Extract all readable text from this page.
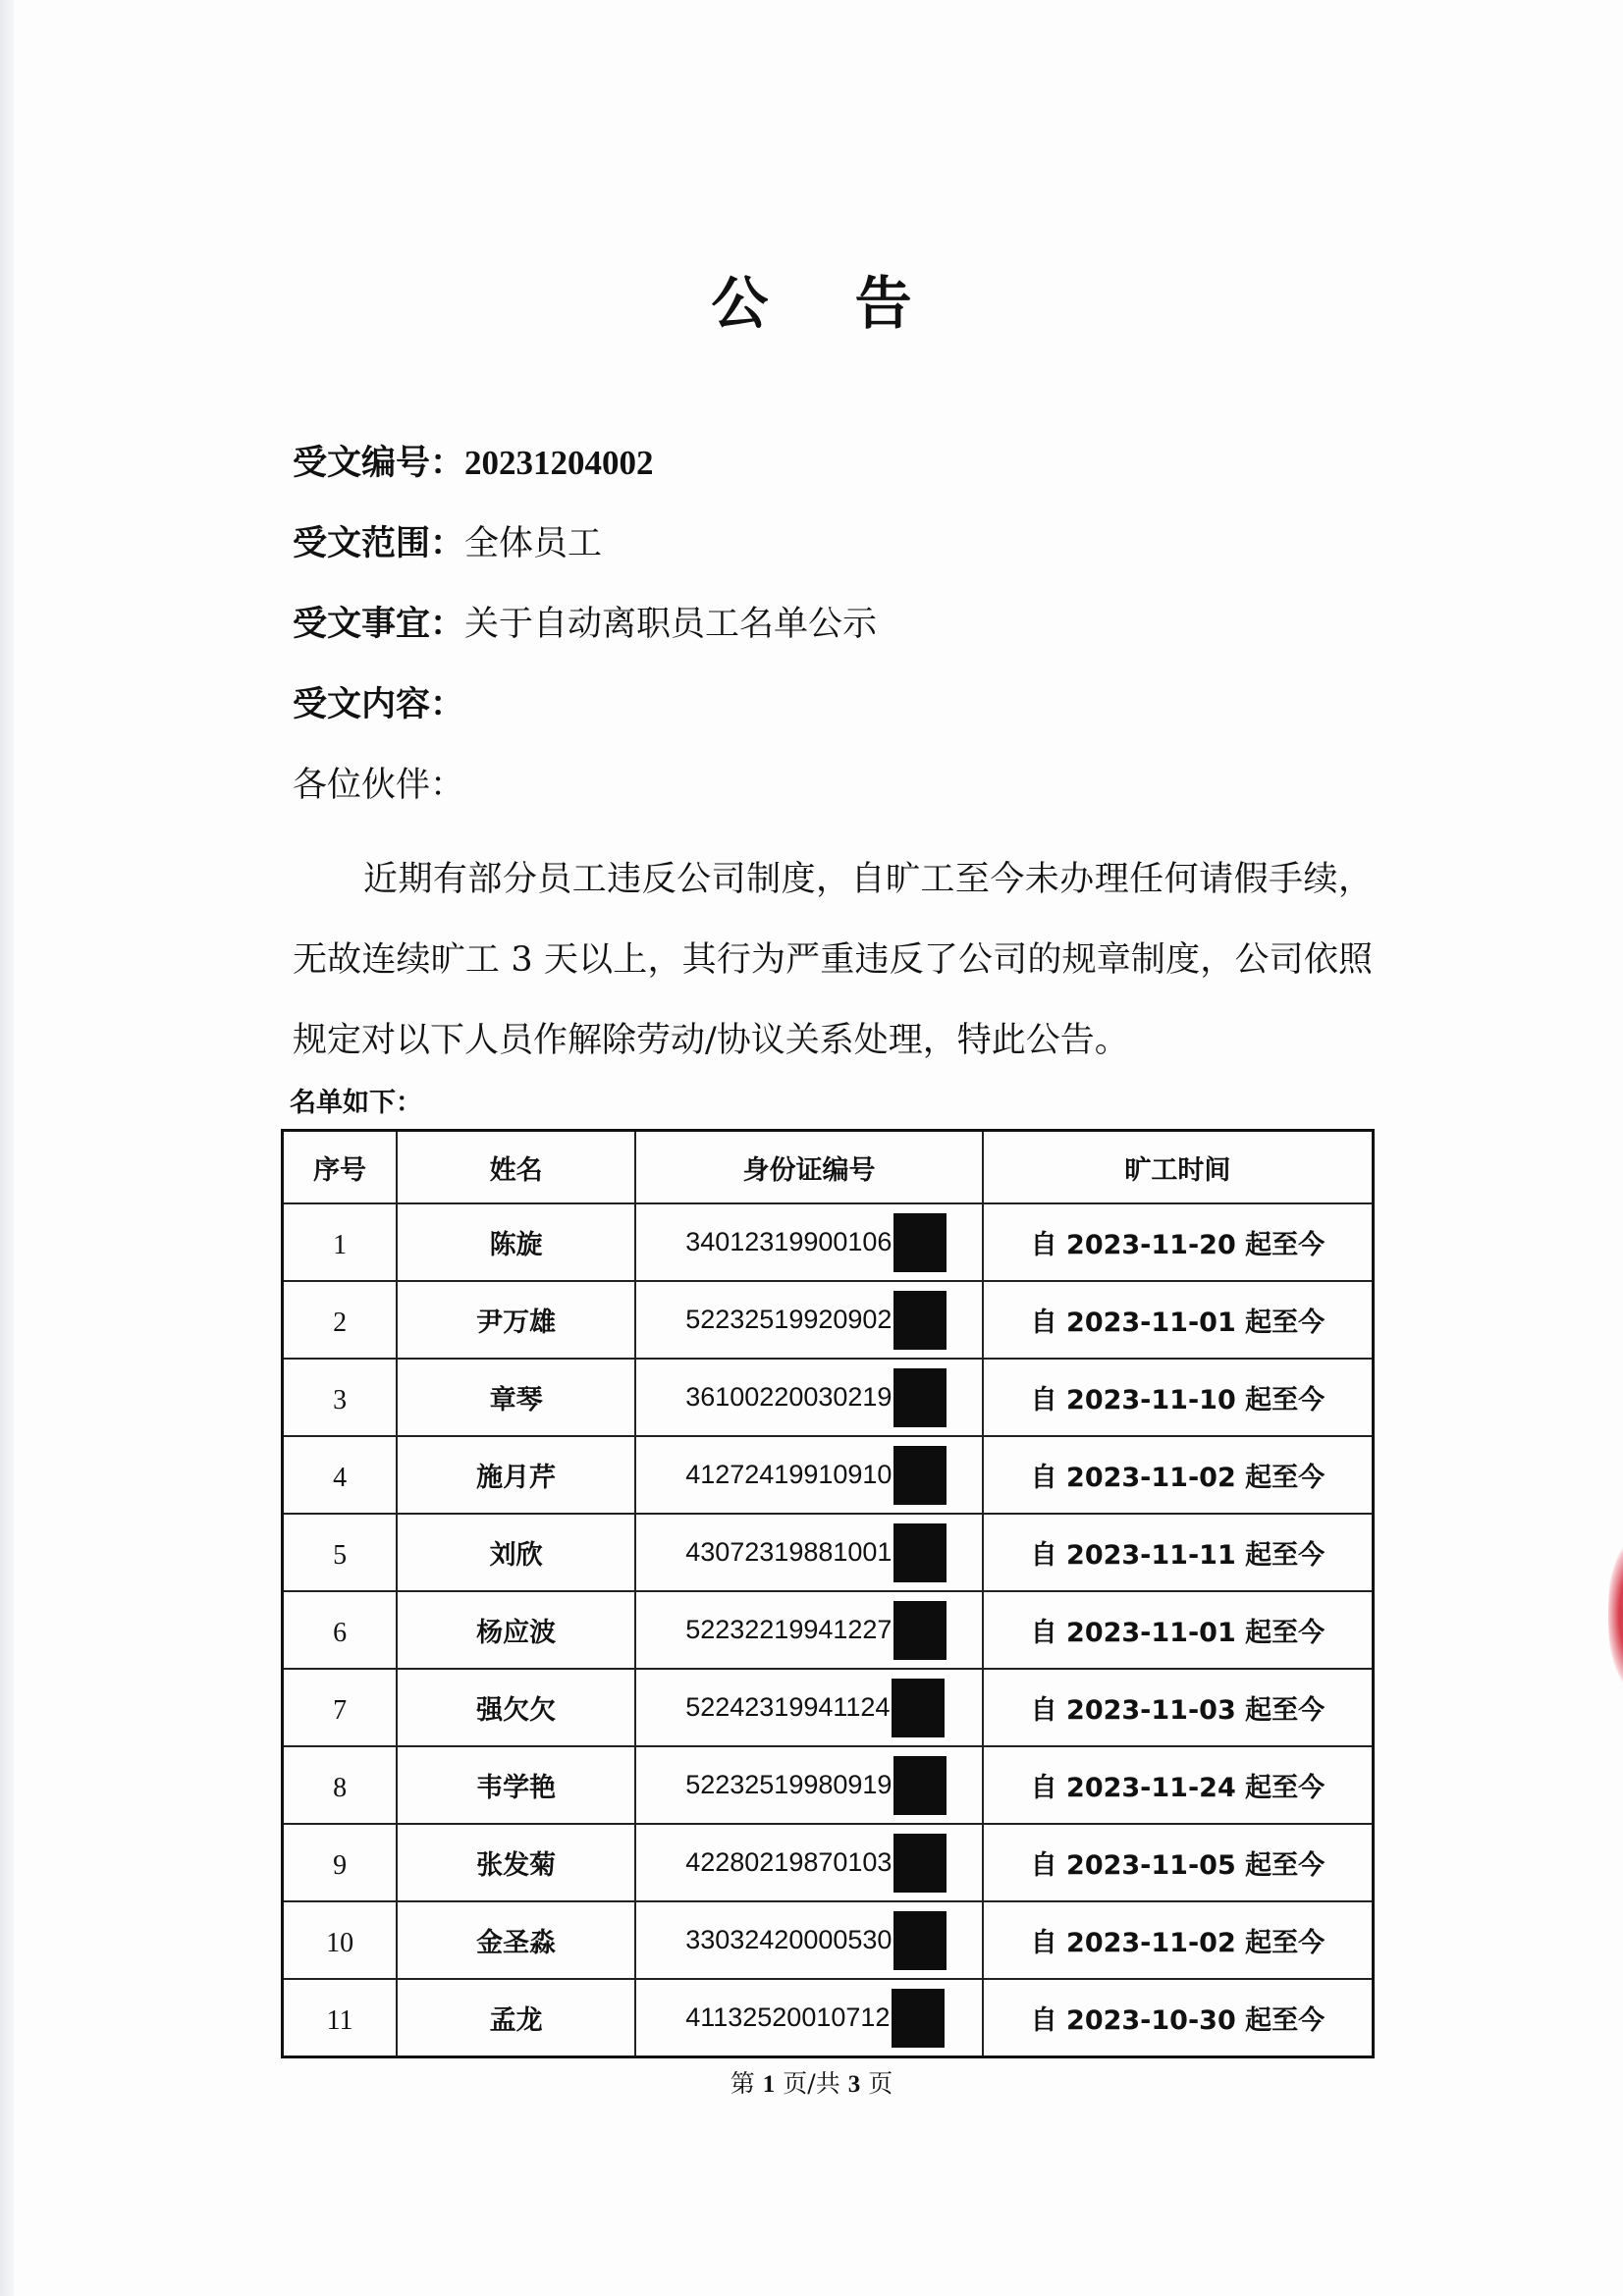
公 告
受文编号：20231204002
受文范围：全体员工
受文事宜：关于自动离职员工名单公示
受文内容：
各位伙伴：
近期有部分员工违反公司制度，自旷工至今未办理任何请假手续，无故连续旷工 3 天以上，其行为严重违反了公司的规章制度，公司依照规定对以下人员作解除劳动/协议关系处理，特此公告。
名单如下：
序号	姓名	身份证编号	旷工时间
1	陈旋	34012319900106	自 2023-11-20 起至今
2	尹万雄	52232519920902	自 2023-11-01 起至今
3	章琴	36100220030219	自 2023-11-10 起至今
4	施月芹	41272419910910	自 2023-11-02 起至今
5	刘欣	43072319881001	自 2023-11-11 起至今
6	杨应波	52232219941227	自 2023-11-01 起至今
7	强欠欠	52242319941124	自 2023-11-03 起至今
8	韦学艳	52232519980919	自 2023-11-24 起至今
9	张发菊	42280219870103	自 2023-11-05 起至今
10	金圣淼	33032420000530	自 2023-11-02 起至今
11	孟龙	41132520010712	自 2023-10-30 起至今
第 1 页/共 3 页
